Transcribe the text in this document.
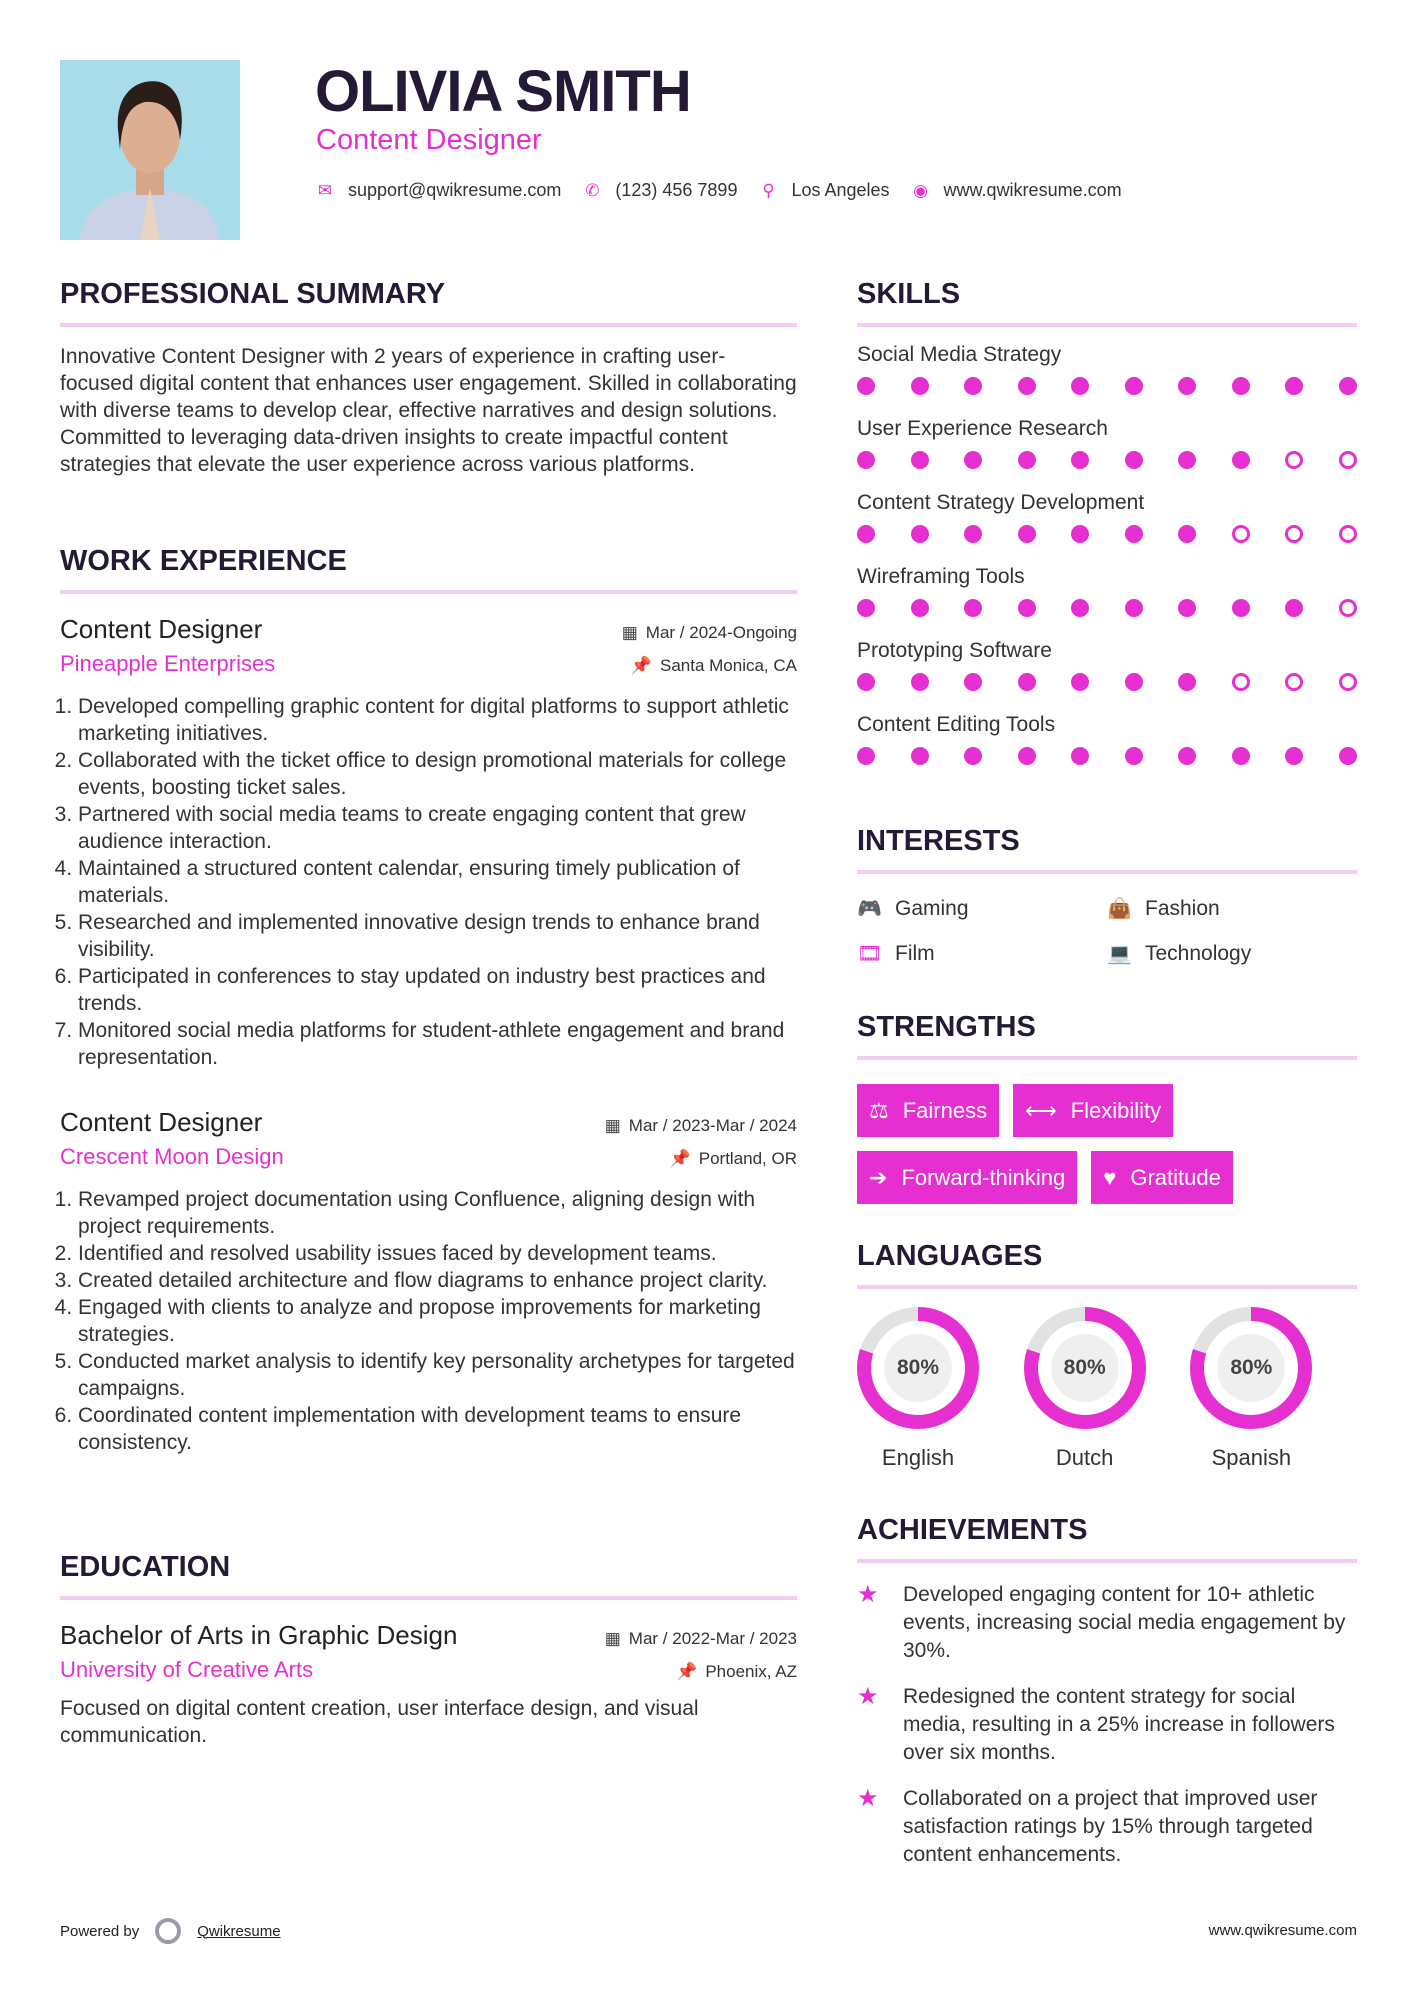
OLIVIA SMITH
Content Designer
✉ support@qwikresume.com ✆ (123) 456 7899 ⚲ Los Angeles ◉ www.qwikresume.com
PROFESSIONAL SUMMARY

Innovative Content Designer with 2 years of experience in crafting user-focused digital content that enhances user engagement. Skilled in collaborating with diverse teams to develop clear, effective narratives and design solutions. Committed to leveraging data-driven insights to create impactful content strategies that elevate the user experience across various platforms.

WORK EXPERIENCE
Content Designer	▦ Mar / 2024-Ongoing
Pineapple Enterprises	📌 Santa Monica, CA
1. Developed compelling graphic content for digital platforms to support athletic marketing initiatives.
2. Collaborated with the ticket office to design promotional materials for college events, boosting ticket sales.
3. Partnered with social media teams to create engaging content that grew audience interaction.
4. Maintained a structured content calendar, ensuring timely publication of materials.
5. Researched and implemented innovative design trends to enhance brand visibility.
6. Participated in conferences to stay updated on industry best practices and trends.
7. Monitored social media platforms for student-athlete engagement and brand representation.
Content Designer	▦ Mar / 2023-Mar / 2024
Crescent Moon Design	📌 Portland, OR
1. Revamped project documentation using Confluence, aligning design with project requirements.
2. Identified and resolved usability issues faced by development teams.
3. Created detailed architecture and flow diagrams to enhance project clarity.
4. Engaged with clients to analyze and propose improvements for marketing strategies.
5. Conducted market analysis to identify key personality archetypes for targeted campaigns.
6. Coordinated content implementation with development teams to ensure consistency.
EDUCATION
Bachelor of Arts in Graphic Design	▦ Mar / 2022-Mar / 2023
University of Creative Arts	📌 Phoenix, AZ

Focused on digital content creation, user interface design, and visual communication.

SKILLS
Social Media Strategy
User Experience Research
Content Strategy Development
Wireframing Tools
Prototyping Software
Content Editing Tools
INTERESTS
🎮 Gaming	👜 Fashion
🎞 Film	💻 Technology
STRENGTHS
⚖ Fairness ⟷ Flexibility
➔ Forward-thinking ♥ Gratitude
LANGUAGES
80%
English
80%
Dutch
80%
Spanish
ACHIEVEMENTS
★	Developed engaging content for 10+ athletic events, increasing social media engagement by 30%.
★	Redesigned the content strategy for social media, resulting in a 25% increase in followers over six months.
★	Collaborated on a project that improved user satisfaction ratings by 15% through targeted content enhancements.
Powered by	Qwikresume	www.qwikresume.com
